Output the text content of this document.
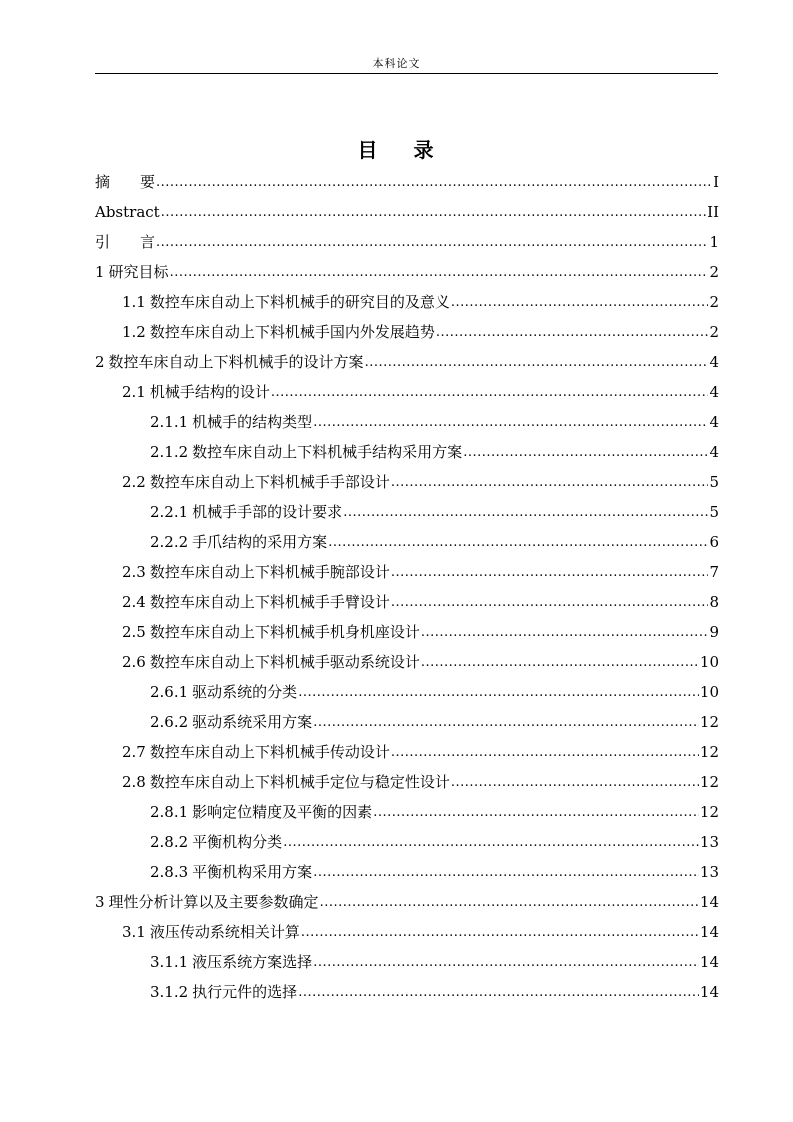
本科论文
目 录
摘　　要 .....	I
Abstract .....	II
引　　言 .....	1
1 研究目标 .....	2
1.1 数控车床自动上下料机械手的研究目的及意义 .....	2
1.2 数控车床自动上下料机械手国内外发展趋势 .....	2
2 数控车床自动上下料机械手的设计方案 .....	4
2.1 机械手结构的设计 .....	4
2.1.1 机械手的结构类型 .....	4
2.1.2 数控车床自动上下料机械手结构采用方案 .....	4
2.2 数控车床自动上下料机械手手部设计 .....	5
2.2.1 机械手手部的设计要求 .....	5
2.2.2 手爪结构的采用方案 .....	6
2.3 数控车床自动上下料机械手腕部设计 .....	7
2.4 数控车床自动上下料机械手手臂设计 .....	8
2.5 数控车床自动上下料机械手机身机座设计 .....	9
2.6 数控车床自动上下料机械手驱动系统设计 .....	10
2.6.1 驱动系统的分类 .....	10
2.6.2 驱动系统采用方案 .....	12
2.7 数控车床自动上下料机械手传动设计 .....	12
2.8 数控车床自动上下料机械手定位与稳定性设计 .....	12
2.8.1 影响定位精度及平衡的因素 .....	12
2.8.2 平衡机构分类 .....	13
2.8.3 平衡机构采用方案 .....	13
3 理性分析计算以及主要参数确定 .....	14
3.1 液压传动系统相关计算 .....	14
3.1.1 液压系统方案选择 .....	14
3.1.2 执行元件的选择 .....	14
